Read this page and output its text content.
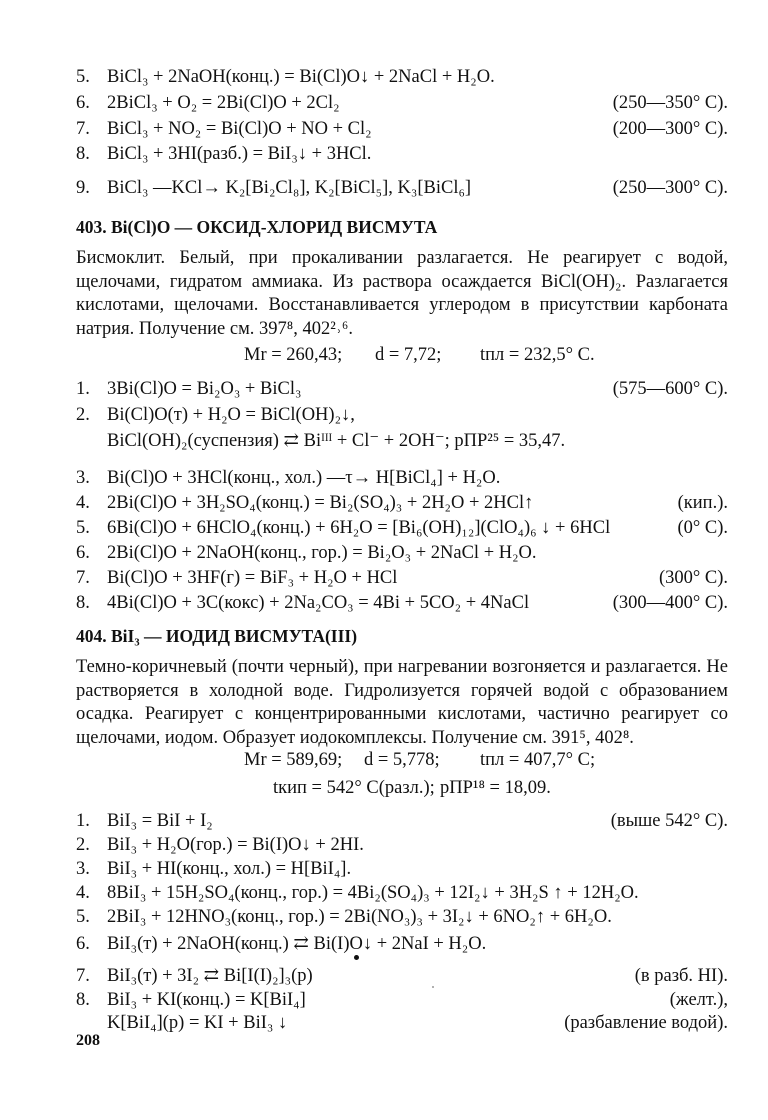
5. BiCl₃ + 2NaOH(конц.) = Bi(Cl)O↓ + 2NaCl + H₂O.
6. 2BiCl₃ + O₂ = 2Bi(Cl)O + 2Cl₂	(250—350° C).
7. BiCl₃ + NO₂ = Bi(Cl)O + NO + Cl₂	(200—300° C).
8. BiCl₃ + 3HI(разб.) = BiI₃↓ + 3HCl.
9. BiCl₃ —KCl→ K₂[Bi₂Cl₈], K₂[BiCl₅], K₃[BiCl₆]	(250—300° C).
403. Bi(Cl)O — ОКСИД-ХЛОРИД ВИСМУТА
Бисмоклит. Белый, при прокаливании разлагается. Не реагирует с водой, щелочами, гидратом аммиака. Из раствора осаждается BiCl(OH)₂. Разлагается кислотами, щелочами. Восстанавливается углеродом в присутствии карбоната натрия. Получение см. 397⁸, 402²˒⁶.
Mr = 260,43; d = 7,72; tпл = 232,5° C.
1. 3Bi(Cl)O = Bi₂O₃ + BiCl₃	(575—600° C).
2. Bi(Cl)O(т) + H₂O = BiCl(OH)₂↓,
BiCl(OH)₂(суспензия) ⇄ Biᴵᴵᴵ + Cl⁻ + 2OH⁻; pПP²⁵ = 35,47.
3. Bi(Cl)O + 3HCl(конц., хол.) —τ→ H[BiCl₄] + H₂O.
4. 2Bi(Cl)O + 3H₂SO₄(конц.) = Bi₂(SO₄)₃ + 2H₂O + 2HCl↑	(кип.).
5. 6Bi(Cl)O + 6HClO₄(конц.) + 6H₂O = [Bi₆(OH)₁₂](ClO₄)₆ ↓ + 6HCl	(0° C).
6. 2Bi(Cl)O + 2NaOH(конц., гор.) = Bi₂O₃ + 2NaCl + H₂O.
7. Bi(Cl)O + 3HF(г) = BiF₃ + H₂O + HCl	(300° C).
8. 4Bi(Cl)O + 3C(кокс) + 2Na₂CO₃ = 4Bi + 5CO₂ + 4NaCl	(300—400° C).
404. BiI₃ — ИОДИД ВИСМУТА(III)
Темно-коричневый (почти черный), при нагревании возгоняется и разлагается. Не растворяется в холодной воде. Гидролизуется горячей водой с образованием осадка. Реагирует с концентрированными кислотами, частично реагирует со щелочами, иодом. Образует иодокомплексы. Получение см. 391⁵, 402⁸.
Mr = 589,69; d = 5,778; tпл = 407,7° C;
tкип = 542° C(разл.); pПP¹⁸ = 18,09.
1. BiI₃ = BiI + I₂	(выше 542° C).
2. BiI₃ + H₂O(гор.) = Bi(I)O↓ + 2HI.
3. BiI₃ + HI(конц., хол.) = H[BiI₄].
4. 8BiI₃ + 15H₂SO₄(конц., гор.) = 4Bi₂(SO₄)₃ + 12I₂↓ + 3H₂S ↑ + 12H₂O.
5. 2BiI₃ + 12HNO₃(конц., гор.) = 2Bi(NO₃)₃ + 3I₂↓ + 6NO₂↑ + 6H₂O.
6. BiI₃(т) + 2NaOH(конц.) ⇄ Bi(I)O↓ + 2NaI + H₂O.
7. BiI₃(т) + 3I₂ ⇄ Bi[I(I)₂]₃(р)	(в разб. HI).
8. BiI₃ + KI(конц.) = K[BiI₄]	(желт.),
K[BiI₄](р) = KI + BiI₃ ↓	(разбавление водой).
208
